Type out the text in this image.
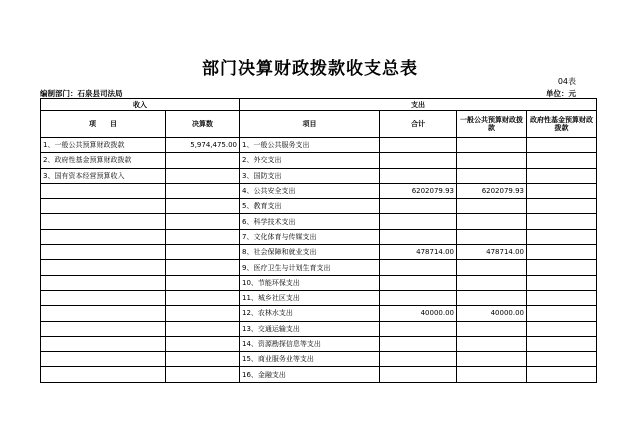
部门决算财政拨款收支总表
04表
编制部门：石泉县司法局	单位：元
收入		支出			
项　　目	决算数	项目	合计	一般公共预算财政拨款	政府性基金预算财政拨款
1、一般公共预算财政拨款	5,974,475.00	1、一般公共服务支出			
2、政府性基金预算财政拨款		2、外交支出			
3、国有资本经营预算收入		3、国防支出			
		4、公共安全支出	6202079.93	6202079.93	
		5、教育支出			
		6、科学技术支出			
		7、文化体育与传媒支出			
		8、社会保障和就业支出	478714.00	478714.00	
		9、医疗卫生与计划生育支出			
		10、节能环保支出			
		11、城乡社区支出			
		12、农林水支出	40000.00	40000.00	
		13、交通运输支出			
		14、资源勘探信息等支出			
		15、商业服务业等支出			
		16、金融支出			
